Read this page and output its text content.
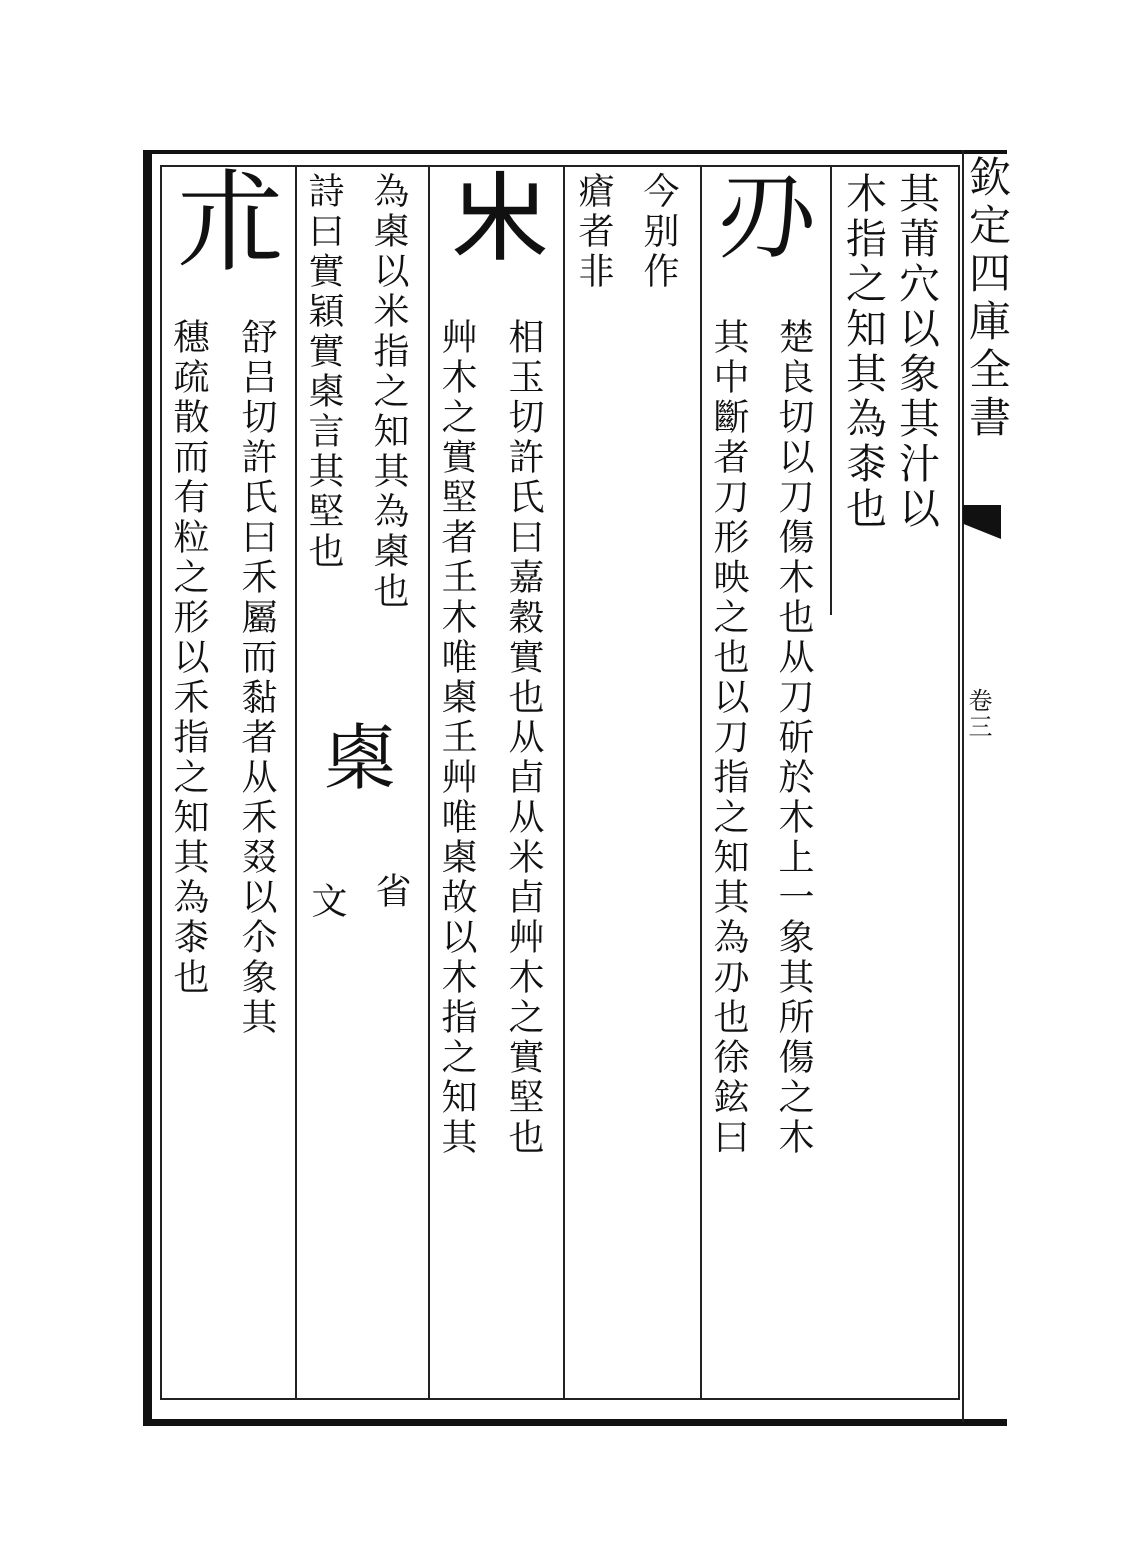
欽定四庫全書
卷三
其莆穴以象其汁以
木指之知其為桼也
刅
楚良切以刀傷木也从刀斫於木上一象其所傷之木
其中斷者刀形映之也以刀指之知其為刅也徐鉉曰
今别作
瘡者非
𣎵
相玉切許氏曰嘉穀實也从卣从米卣艸木之實堅也
艸木之實堅者𡈼木唯㮚𡈼艸唯㮚故以木指之知其
為㮚以米指之知其為㮚也
省
詩曰實穎實㮚言其堅也
㮚
文
朮
舒吕切許氏曰禾屬而黏者从禾叕以尒象其
穗疏散而有粒之形以禾指之知其為桼也
